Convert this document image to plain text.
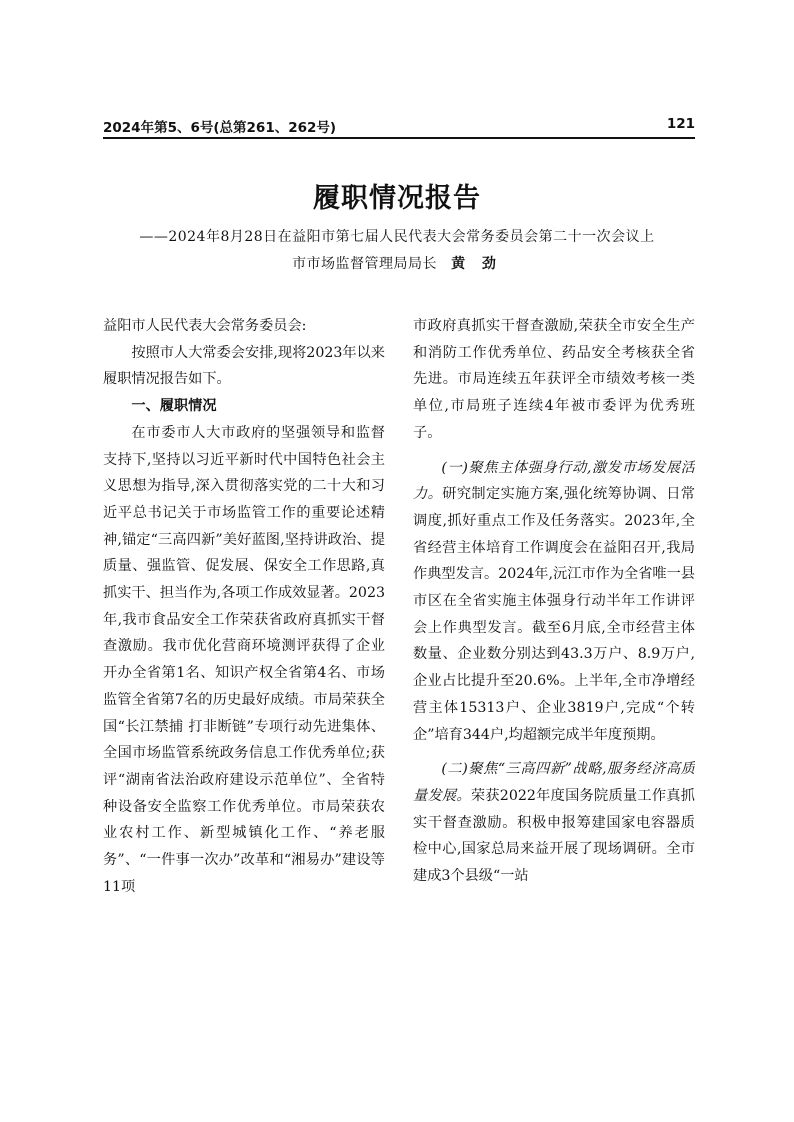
2024年第5、6号(总第261、262号)	121
履职情况报告
——2024年8月28日在益阳市第七届人民代表大会常务委员会第二十一次会议上
市市场监督管理局局长 黄 劲

益阳市人民代表大会常务委员会:

按照市人大常委会安排,现将2023年以来履职情况报告如下。

一、履职情况

在市委市人大市政府的坚强领导和监督支持下,坚持以习近平新时代中国特色社会主义思想为指导,深入贯彻落实党的二十大和习近平总书记关于市场监管工作的重要论述精神,锚定“三高四新”美好蓝图,坚持讲政治、提质量、强监管、促发展、保安全工作思路,真抓实干、担当作为,各项工作成效显著。2023年,我市食品安全工作荣获省政府真抓实干督查激励。我市优化营商环境测评获得了企业开办全省第1名、知识产权全省第4名、市场监管全省第7名的历史最好成绩。市局荣获全国“长江禁捕 打非断链”专项行动先进集体、全国市场监管系统政务信息工作优秀单位;获评“湖南省法治政府建设示范单位”、全省特种设备安全监察工作优秀单位。市局荣获农业农村工作、新型城镇化工作、“养老服务”、“一件事一次办”改革和“湘易办”建设等11项

市政府真抓实干督查激励,荣获全市安全生产和消防工作优秀单位、药品安全考核获全省先进。市局连续五年获评全市绩效考核一类单位,市局班子连续4年被市委评为优秀班子。

(一)聚焦主体强身行动,激发市场发展活力。研究制定实施方案,强化统筹协调、日常调度,抓好重点工作及任务落实。2023年,全省经营主体培育工作调度会在益阳召开,我局作典型发言。2024年,沅江市作为全省唯一县市区在全省实施主体强身行动半年工作讲评会上作典型发言。截至6月底,全市经营主体数量、企业数分别达到43.3万户、8.9万户,企业占比提升至20.6%。上半年,全市净增经营主体15313户、企业3819户,完成“个转企”培育344户,均超额完成半年度预期。

(二)聚焦“三高四新”战略,服务经济高质量发展。荣获2022年度国务院质量工作真抓实干督查激励。积极申报筹建国家电容器质检中心,国家总局来益开展了现场调研。全市建成3个县级“一站
